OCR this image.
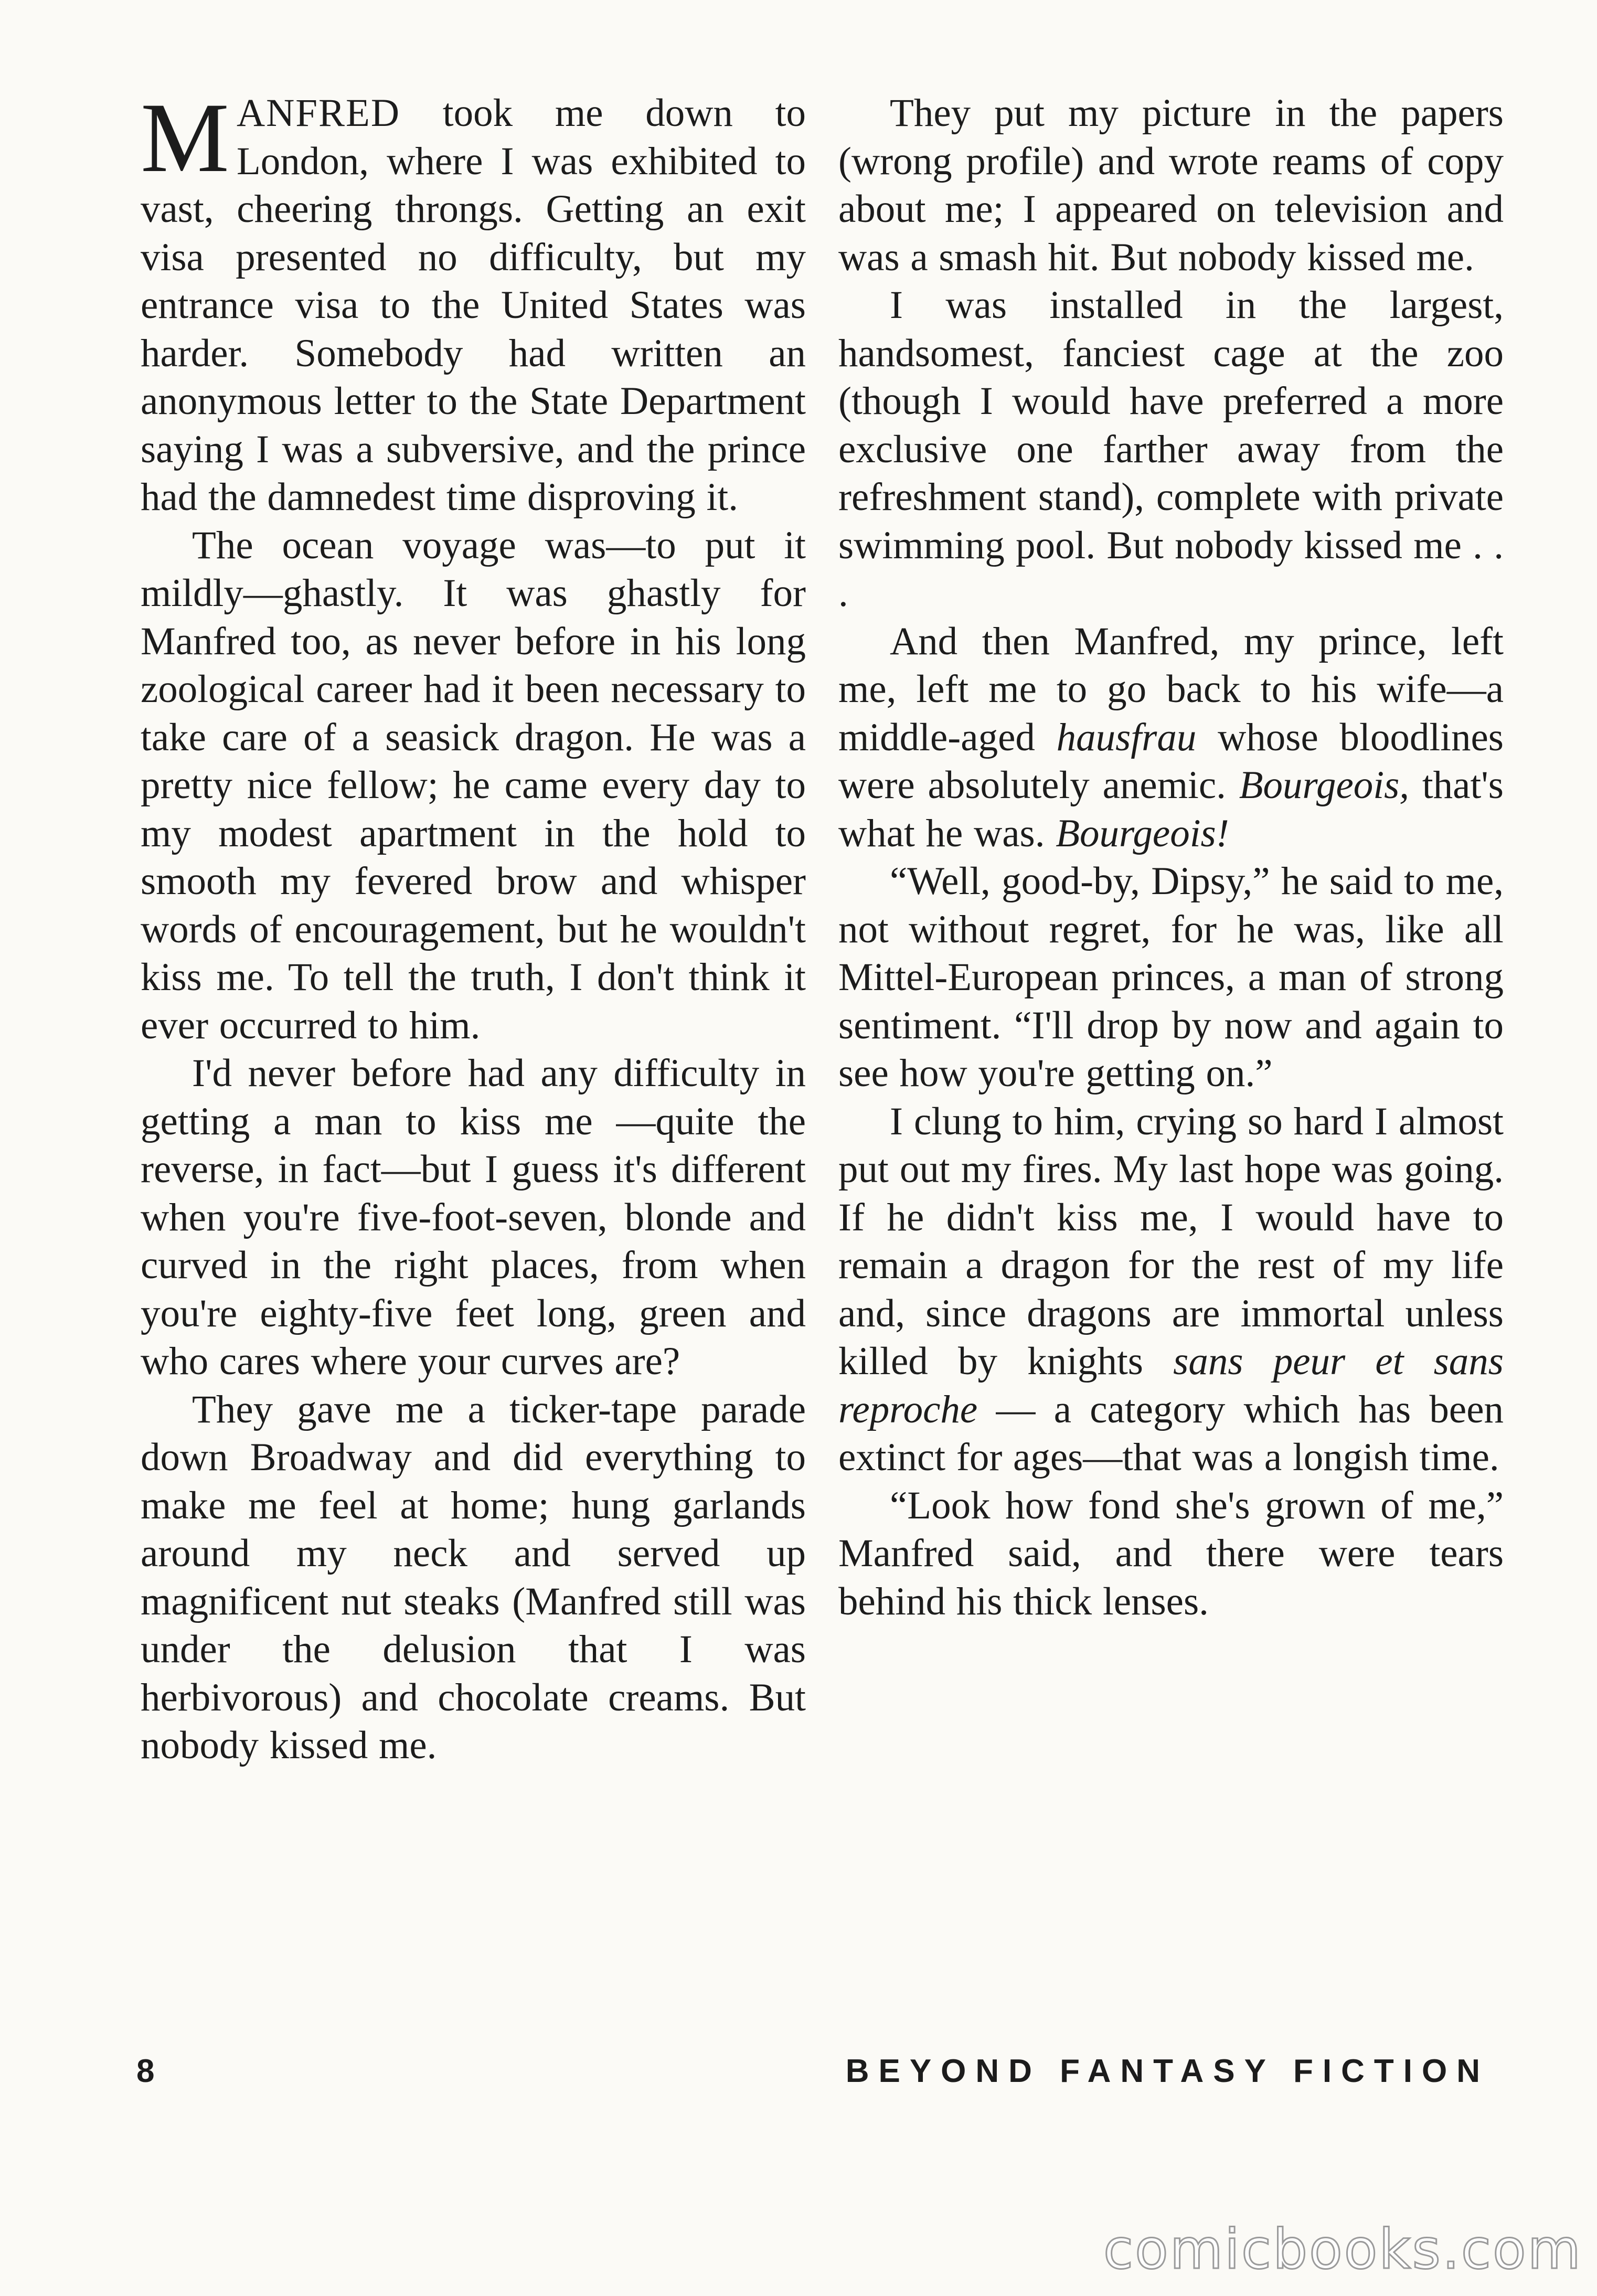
MANFRED took me down to London, where I was exhibited to vast, cheering throngs. Getting an exit visa presented no difficulty, but my entrance visa to the United States was harder. Somebody had written an anonymous letter to the State Department saying I was a subversive, and the prince had the damnedest time disproving it.

The ocean voyage was—to put it mildly—ghastly. It was ghastly for Manfred too, as never before in his long zoological career had it been necessary to take care of a seasick dragon. He was a pretty nice fellow; he came every day to my modest apartment in the hold to smooth my fevered brow and whisper words of encouragement, but he wouldn't kiss me. To tell the truth, I don't think it ever occurred to him.

I'd never before had any difficulty in getting a man to kiss me —quite the reverse, in fact—but I guess it's different when you're five-foot-seven, blonde and curved in the right places, from when you're eighty-five feet long, green and who cares where your curves are?

They gave me a ticker-tape parade down Broadway and did everything to make me feel at home; hung garlands around my neck and served up magnificent nut steaks (Manfred still was under the delusion that I was herbivorous) and chocolate creams. But nobody kissed me.

They put my picture in the papers (wrong profile) and wrote reams of copy about me; I appeared on television and was a smash hit. But nobody kissed me.

I was installed in the largest, handsomest, fanciest cage at the zoo (though I would have preferred a more exclusive one farther away from the refreshment stand), complete with private swimming pool. But nobody kissed me . . .

And then Manfred, my prince, left me, left me to go back to his wife—a middle-aged hausfrau whose bloodlines were absolutely anemic. Bourgeois, that's what he was. Bourgeois!

“Well, good-by, Dipsy,” he said to me, not without regret, for he was, like all Mittel-European princes, a man of strong sentiment. “I'll drop by now and again to see how you're getting on.”

I clung to him, crying so hard I almost put out my fires. My last hope was going. If he didn't kiss me, I would have to remain a dragon for the rest of my life and, since dragons are immortal unless killed by knights sans peur et sans reproche — a category which has been extinct for ages—that was a longish time.

“Look how fond she's grown of me,” Manfred said, and there were tears behind his thick lenses.

8	BEYOND FANTASY FICTION
comicbooks.com
